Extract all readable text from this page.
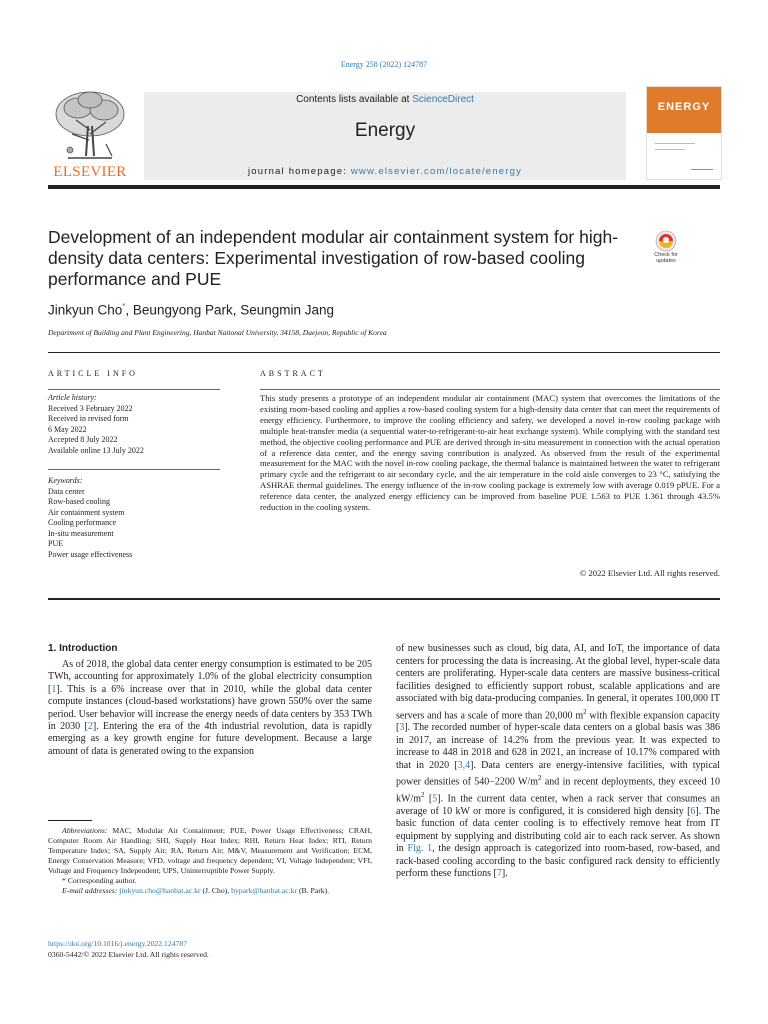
Energy 258 (2022) 124787
ELSEVIER
Contents lists available at ScienceDirect
Energy
journal homepage: www.elsevier.com/locate/energy
ENERGY
Development of an independent modular air containment system for high-density data centers: Experimental investigation of row-based cooling performance and PUE
Check for updates
Jinkyun Cho*, Beungyong Park, Seungmin Jang
Department of Building and Plant Engineering, Hanbat National University, 34158, Daejeon, Republic of Korea
ARTICLE INFO
Article history:
Received 3 February 2022
Received in revised form
6 May 2022
Accepted 8 July 2022
Available online 13 July 2022
Keywords:
Data center
Row-based cooling
Air containment system
Cooling performance
In-situ measurement
PUE
Power usage effectiveness
ABSTRACT
This study presents a prototype of an independent modular air containment (MAC) system that overcomes the limitations of the existing room-based cooling and applies a row-based cooling system for a high-density data center that can meet the requirements of energy efficiency. Furthermore, to improve the cooling efficiency and safety, we developed a novel in-row cooling package with multiple heat-transfer media (a sequential water-to-refrigerant-to-air heat exchange system). While complying with the standard test method, the objective cooling performance and PUE are derived through in-situ measurement in connection with the actual operation of a reference data center, and the energy saving contribution is analyzed. As observed from the result of the experimental measurement for the MAC with the novel in-row cooling package, the thermal balance is maintained between the water to refrigerant primary cycle and the refrigerant to air secondary cycle, and the air temperature in the cold aisle converges to 23 °C, satisfying the ASHRAE thermal guidelines. The energy influence of the in-row cooling package is extremely low with average 0.019 pPUE. For a reference data center, the analyzed energy efficiency can be improved from baseline PUE 1.563 to PUE 1.361 through 43.5% reduction in the cooling system.
© 2022 Elsevier Ltd. All rights reserved.
1. Introduction

As of 2018, the global data center energy consumption is estimated to be 205 TWh, accounting for approximately 1.0% of the global electricity consumption [1]. This is a 6% increase over that in 2010, while the global data center compute instances (cloud-based workstations) have grown 550% over the same period. User behavior will increase the energy needs of data centers by 353 TWh in 2030 [2]. Entering the era of the 4th industrial revolution, data is rapidly emerging as a key growth engine for future development. Because a large amount of data is generated owing to the expansion

of new businesses such as cloud, big data, AI, and IoT, the importance of data centers for processing the data is increasing. At the global level, hyper-scale data centers are proliferating. Hyper-scale data centers are massive business-critical facilities designed to efficiently support robust, scalable applications and are associated with big data-producing companies. In general, it operates 100,000 IT servers and has a scale of more than 20,000 $m^2$ with flexible expansion capacity [3]. The recorded number of hyper-scale data centers on a global basis was 386 in 2017, an increase of 14.2% from the previous year. It was expected to increase to 448 in 2018 and 628 in 2021, an increase of 10.17% compared with that in 2020 [3,4]. Data centers are energy-intensive facilities, with typical power densities of 540−2200 $W/m^2$ and in recent deployments, they exceed 10 $kW/m^2$ [5]. In the current data center, when a rack server that consumes an average of 10 kW or more is configured, it is considered high density [6]. The basic function of data center cooling is to effectively remove heat from IT equipment by supplying and distributing cold air to each rack server. As shown in Fig. 1, the design approach is categorized into room-based, row-based, and rack-based cooling according to the basic configured rack density to efficiently perform these functions [7].

Abbreviations: MAC, Modular Air Containment; PUE, Power Usage Effectiveness; CRAH, Computer Room Air Handling; SHI, Supply Heat Index; RHI, Return Heat Index; RTI, Return Temperature Index; SA, Supply Air; RA, Return Air; M&V, Measurement and Verification; ECM, Energy Conservation Measure; VFD, voltage and frequency dependent; VI, Voltage Independent; VFI, Voltage and Frequency Independent; UPS, Uninterruptible Power Supply.

* Corresponding author.

E-mail addresses: jinkyun.cho@hanbat.ac.kr (J. Cho), bypark@hanbat.ac.kr (B. Park).

https://doi.org/10.1016/j.energy.2022.124787
0360-5442/© 2022 Elsevier Ltd. All rights reserved.
